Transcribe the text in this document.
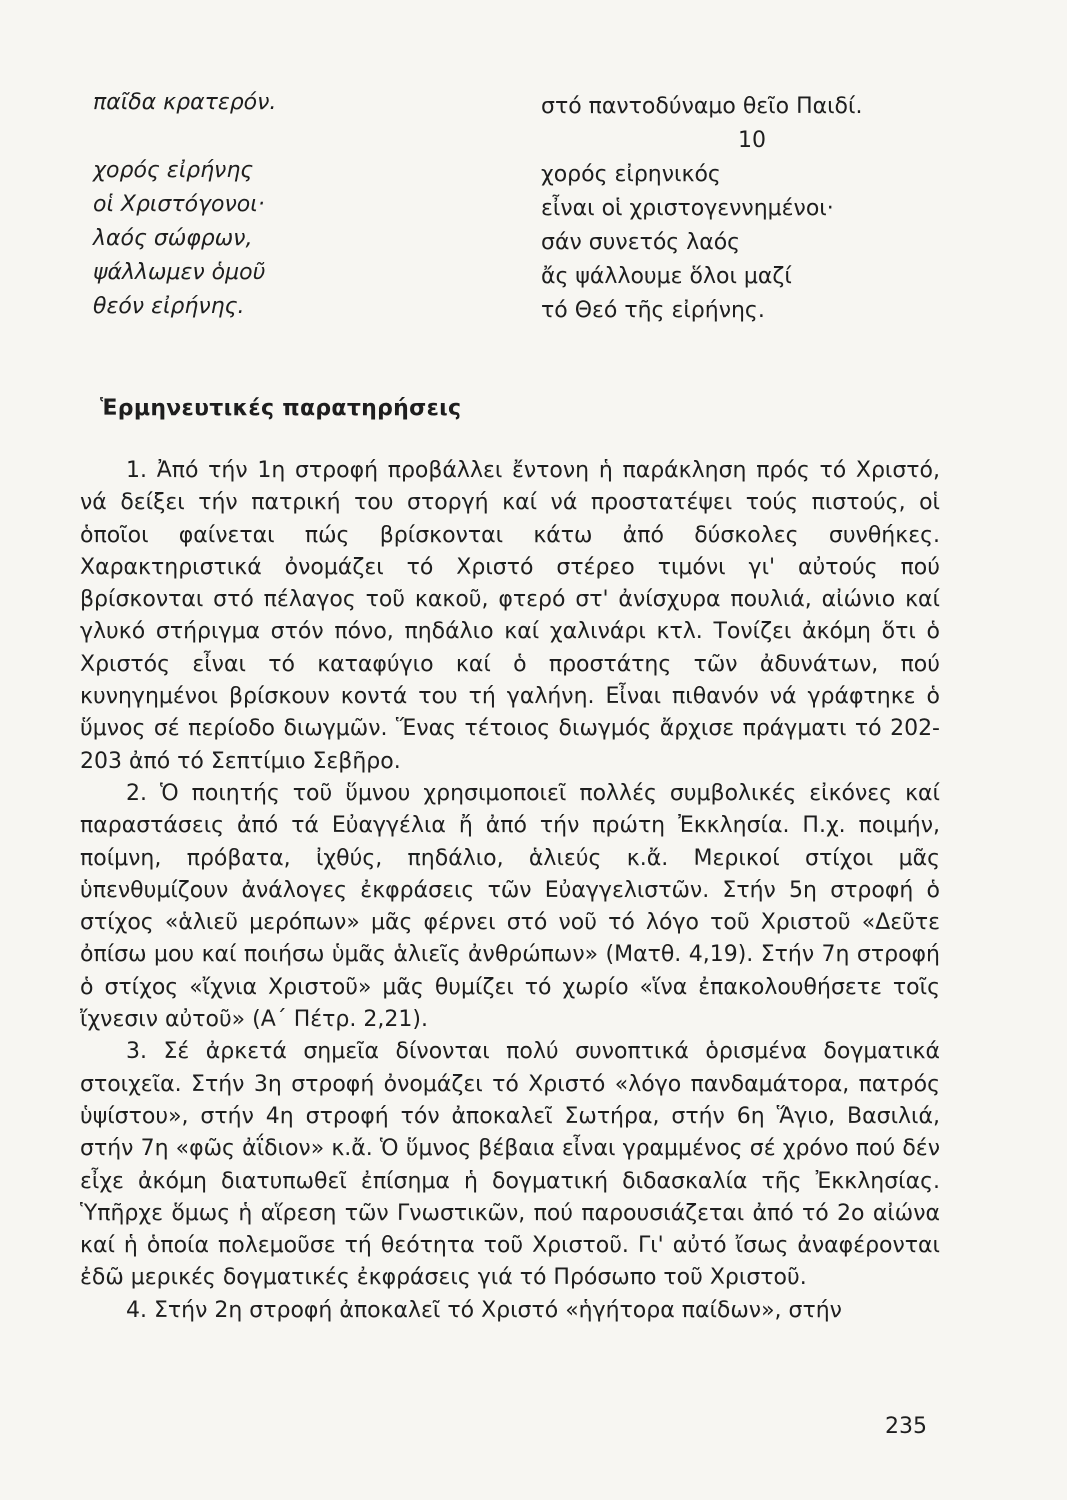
παῖδα κρατερόν.
χορός εἰρήνης
οἱ Χριστόγονοι·
λαός σώφρων,
ψάλλωμεν ὁμοῦ
θεόν εἰρήνης.
στό παντοδύναμο θεῖο Παιδί.
10
χορός εἰρηνικός
εἶναι οἱ χριστογεννημένοι·
σάν συνετός λαός
ἄς ψάλλουμε ὅλοι μαζί
τό Θεό τῆς εἰρήνης.
Ἑρμηνευτικές παρατηρήσεις

1. Ἀπό τήν 1η στροφή προβάλλει ἔντονη ἡ παράκληση πρός τό Χριστό, νά δείξει τήν πατρική του στοργή καί νά προστατέψει τούς πιστούς, οἱ ὁποῖοι φαίνεται πώς βρίσκονται κάτω ἀπό δύσκολες συνθήκες. Χαρακτηριστικά ὀνομάζει τό Χριστό στέρεο τιμόνι γι' αὐτούς πού βρίσκονται στό πέλαγος τοῦ κακοῦ, φτερό στ' ἀνίσχυρα πουλιά, αἰώνιο καί γλυκό στήριγμα στόν πόνο, πηδάλιο καί χαλινάρι κτλ. Τονίζει ἀκόμη ὅτι ὁ Χριστός εἶναι τό καταφύγιο καί ὁ προστάτης τῶν ἀδυνάτων, πού κυνηγημένοι βρίσκουν κοντά του τή γαλήνη. Εἶναι πιθανόν νά γράφτηκε ὁ ὕμνος σέ περίοδο διωγμῶν. Ἕνας τέτοιος διωγμός ἄρχισε πράγματι τό 202-203 ἀπό τό Σεπτίμιο Σεβῆρο.

2. Ὁ ποιητής τοῦ ὕμνου χρησιμοποιεῖ πολλές συμβολικές εἰκόνες καί παραστάσεις ἀπό τά Εὐαγγέλια ἤ ἀπό τήν πρώτη Ἐκκλησία. Π.χ. ποιμήν, ποίμνη, πρόβατα, ἰχθύς, πηδάλιο, ἁλιεύς κ.ἄ. Μερικοί στίχοι μᾶς ὑπενθυμίζουν ἀνάλογες ἐκφράσεις τῶν Εὐαγγελιστῶν. Στήν 5η στροφή ὁ στίχος «ἁλιεῦ μερόπων» μᾶς φέρνει στό νοῦ τό λόγο τοῦ Χριστοῦ «Δεῦτε ὀπίσω μου καί ποιήσω ὑμᾶς ἁλιεῖς ἀνθρώπων» (Ματθ. 4,19). Στήν 7η στροφή ὁ στίχος «ἴχνια Χριστοῦ» μᾶς θυμίζει τό χωρίο «ἵνα ἐπακολουθήσετε τοῖς ἴχνεσιν αὐτοῦ» (Α΄ Πέτρ. 2,21).

3. Σέ ἀρκετά σημεῖα δίνονται πολύ συνοπτικά ὁρισμένα δογματικά στοιχεῖα. Στήν 3η στροφή ὀνομάζει τό Χριστό «λόγο πανδαμάτορα, πατρός ὑψίστου», στήν 4η στροφή τόν ἀποκαλεῖ Σωτήρα, στήν 6η Ἅγιο, Βασιλιά, στήν 7η «φῶς ἀΐδιον» κ.ἄ. Ὁ ὕμνος βέβαια εἶναι γραμμένος σέ χρόνο πού δέν εἶχε ἀκόμη διατυπωθεῖ ἐπίσημα ἡ δογματική διδασκαλία τῆς Ἐκκλησίας. Ὑπῆρχε ὅμως ἡ αἵρεση τῶν Γνωστικῶν, πού παρουσιάζεται ἀπό τό 2ο αἰώνα καί ἡ ὁποία πολεμοῦσε τή θεότητα τοῦ Χριστοῦ. Γι' αὐτό ἴσως ἀναφέρονται ἐδῶ μερικές δογματικές ἐκφράσεις γιά τό Πρόσωπο τοῦ Χριστοῦ.

4. Στήν 2η στροφή ἀποκαλεῖ τό Χριστό «ἡγήτορα παίδων», στήν

235
